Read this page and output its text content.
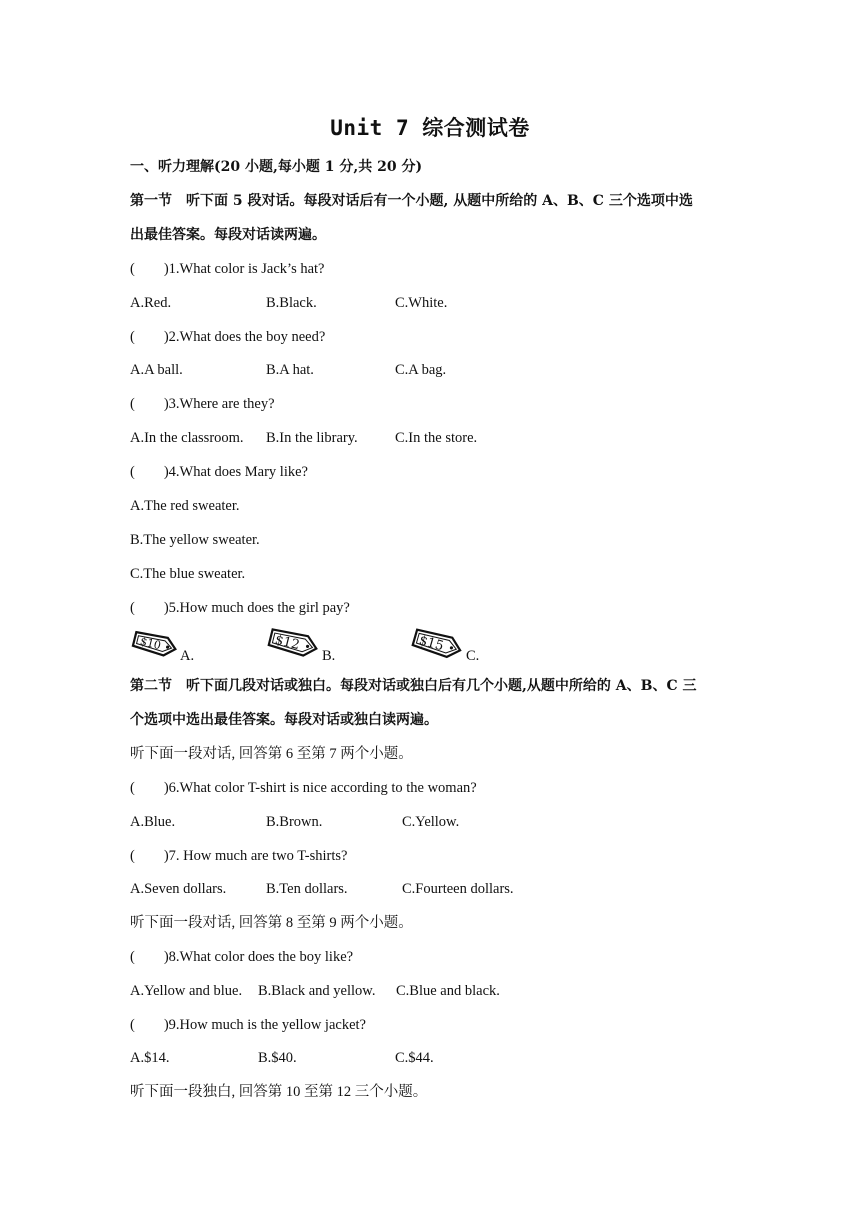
Unit 7 综合测试卷
一、听力理解(20 小题,每小题 1 分,共 20 分)
第一节　听下面 5 段对话。每段对话后有一个小题, 从题中所给的 A、B、C 三个选项中选
出最佳答案。每段对话读两遍。
(　　)1.What color is Jack’s hat?
A.Red.	B.Black.	C.White.
(　　)2.What does the boy need?
A.A ball.	B.A hat.	C.A bag.
(　　)3.Where are they?
A.In the classroom. B.In the library.	C.In the store.
(　　)4.What does Mary like?
A.The red sweater.
B.The yellow sweater.
C.The blue sweater.
(　　)5.How much does the girl pay?
$10
A.
$12
B.
$15
C.
第二节　听下面几段对话或独白。每段对话或独白后有几个小题,从题中所给的 A、B、C 三
个选项中选出最佳答案。每段对话或独白读两遍。
听下面一段对话, 回答第 6 至第 7 两个小题。
(　　)6.What color T-shirt is nice according to the woman?
A.Blue.	B.Brown.	C.Yellow.
(　　)7. How much are two T-shirts?
A.Seven dollars.	B.Ten dollars.	C.Fourteen dollars.
听下面一段对话, 回答第 8 至第 9 两个小题。
(　　)8.What color does the boy like?
A.Yellow and blue. B.Black and yellow. C.Blue and black.
(　　)9.How much is the yellow jacket?
A.$14.	B.$40.	C.$44.
听下面一段独白, 回答第 10 至第 12 三个小题。
